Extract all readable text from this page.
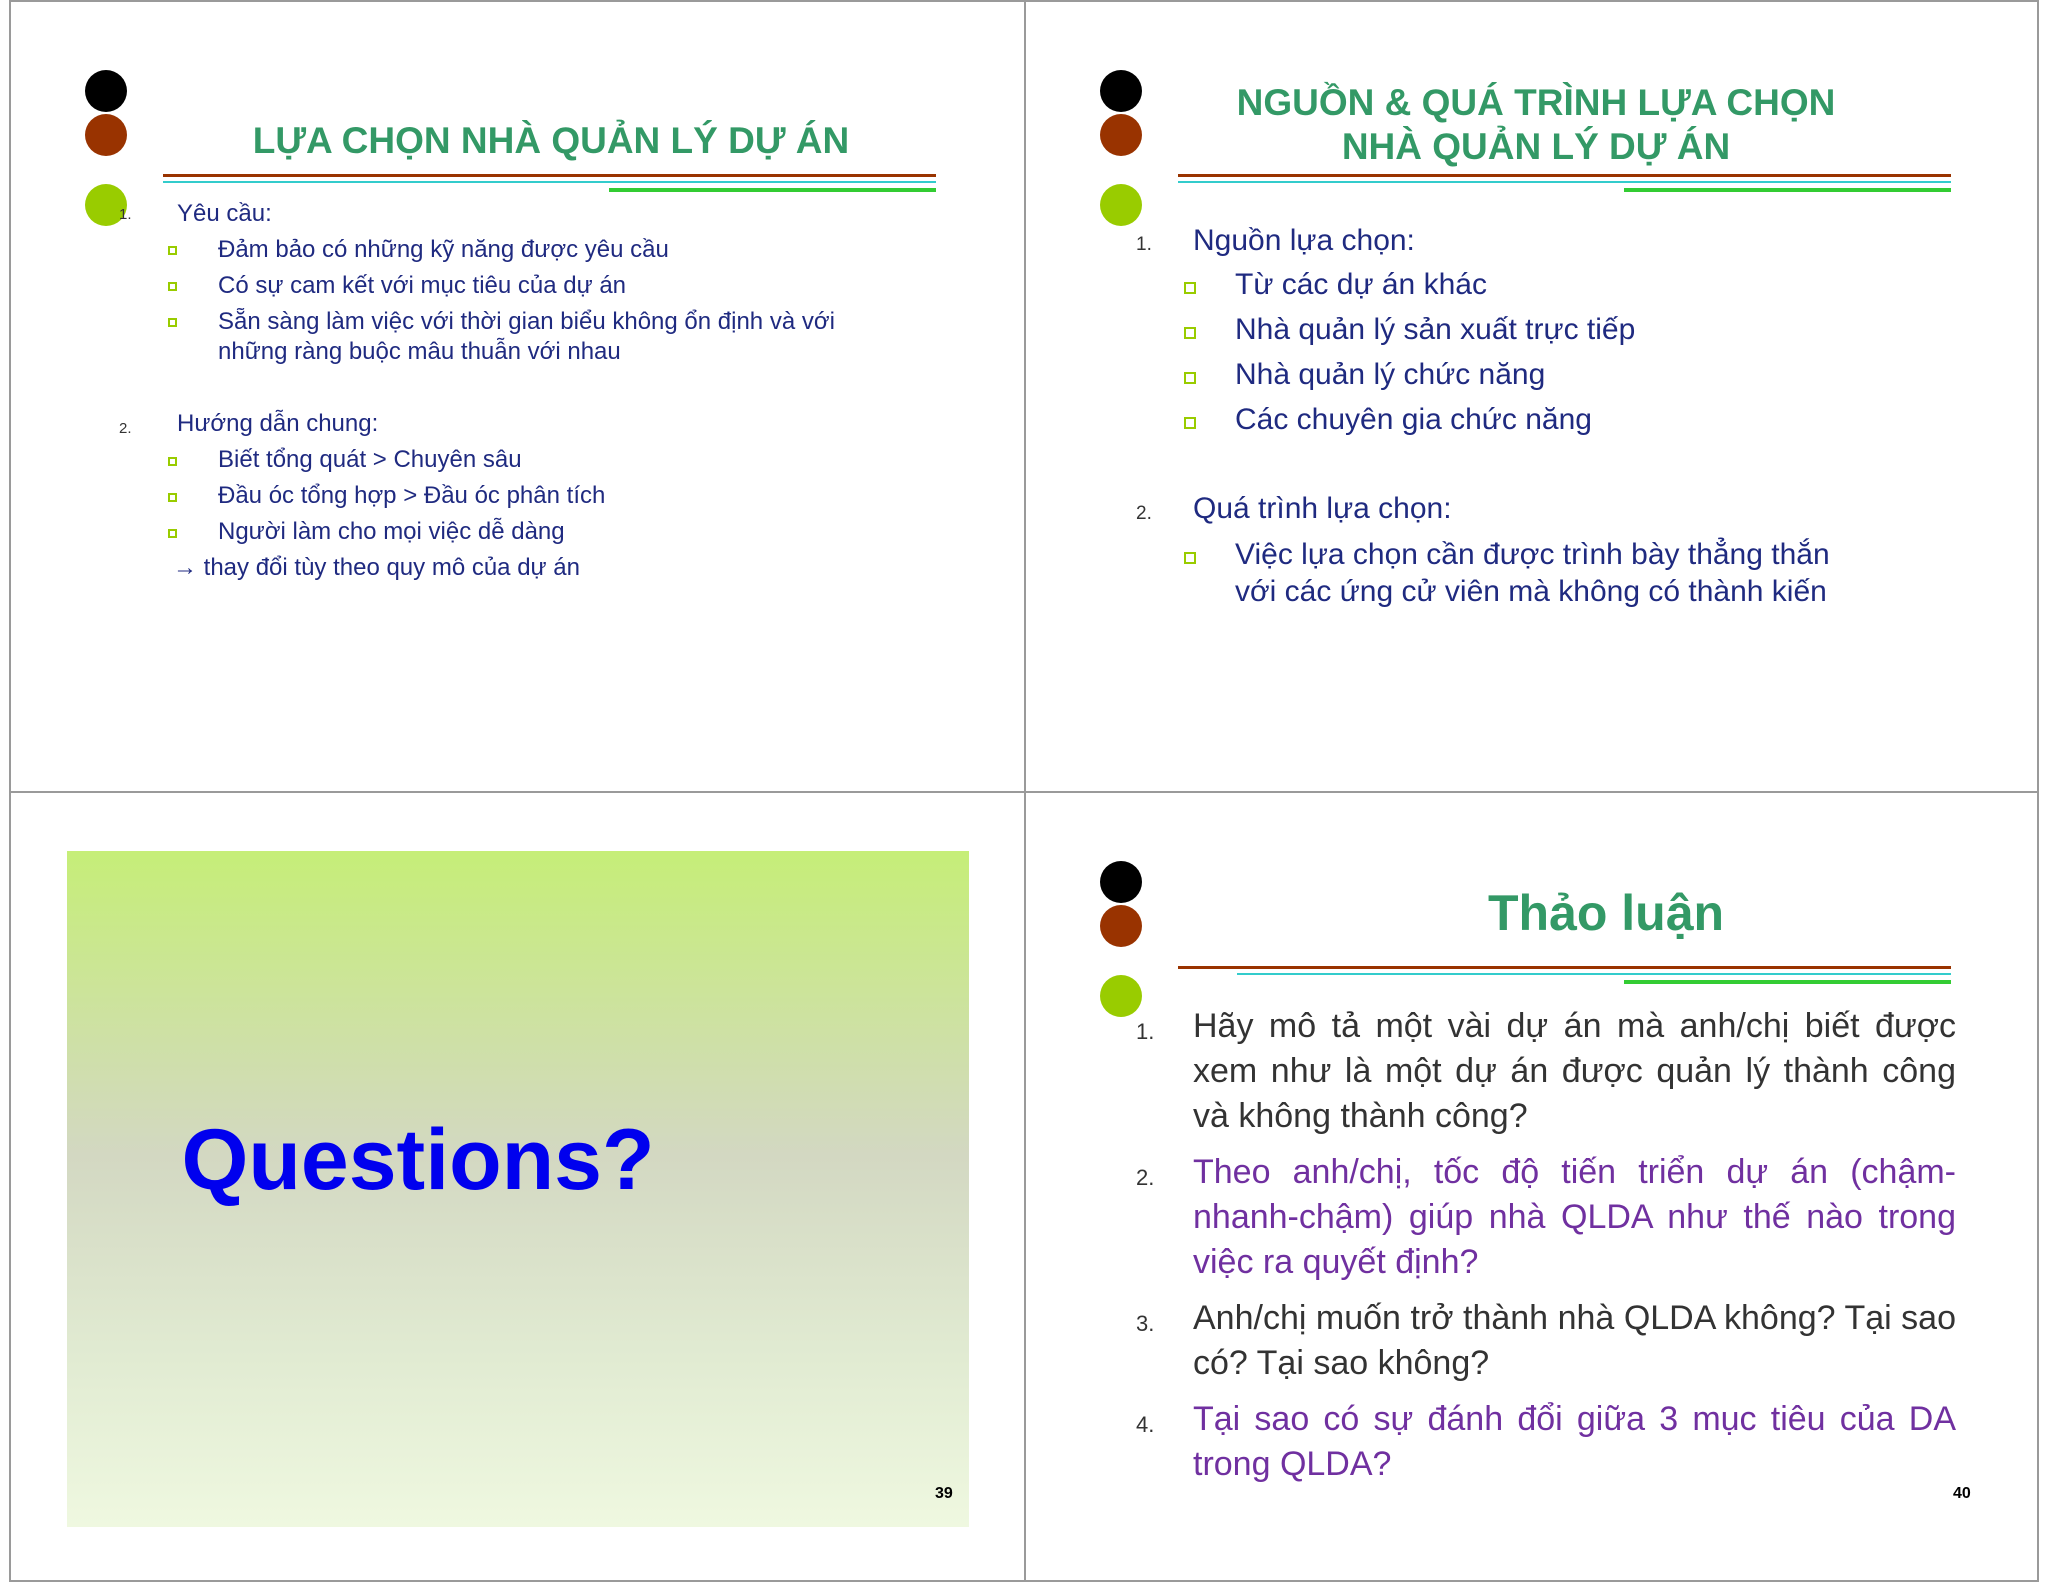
LỰA CHỌN NHÀ QUẢN LÝ DỰ ÁN
1. Yêu cầu:
Đảm bảo có những kỹ năng được yêu cầu
Có sự cam kết với mục tiêu của dự án
Sẵn sàng làm việc với thời gian biểu không ổn định và với
những ràng buộc mâu thuẫn với nhau
2. Hướng dẫn chung:
Biết tổng quát > Chuyên sâu
Đầu óc tổng hợp > Đầu óc phân tích
Người làm cho mọi việc dễ dàng
→ thay đổi tùy theo quy mô của dự án
NGUỒN & QUÁ TRÌNH LỰA CHỌN
NHÀ QUẢN LÝ DỰ ÁN
1. Nguồn lựa chọn:
Từ các dự án khác
Nhà quản lý sản xuất trực tiếp
Nhà quản lý chức năng
Các chuyên gia chức năng
2. Quá trình lựa chọn:
Việc lựa chọn cần được trình bày thẳng thắn
với các ứng cử viên mà không có thành kiến
Questions?
39
Thảo luận
1. Hãy mô tả một vài dự án mà anh/chị biết được xem như là một dự án được quản lý thành công và không thành công?
2. Theo anh/chị, tốc độ tiến triển dự án (chậm-nhanh-chậm) giúp nhà QLDA như thế nào trong việc ra quyết định?
3. Anh/chị muốn trở thành nhà QLDA không? Tại sao có? Tại sao không?
4. Tại sao có sự đánh đổi giữa 3 mục tiêu của DA trong QLDA?
40
